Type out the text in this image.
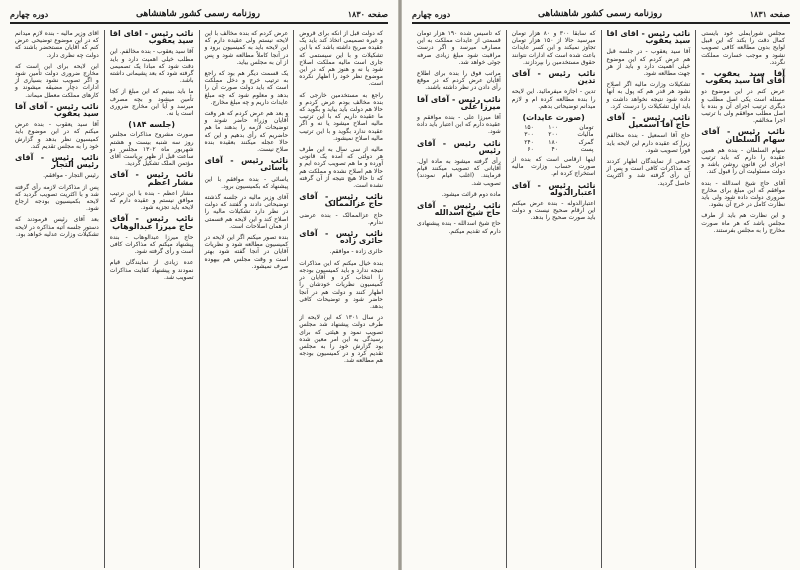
صفحه ۱۸۳۰
روزنامه رسمی کشور شاهنشاهی
دوره چهارم

که دولت قبل از آنکه برای قروض و غیره تصمیمی اتخاذ کند باید یک عقیده صریح داشته باشد که با این تشکیلات و با این سیستمی که جاری است مالیه مملکت اصلاح شود یا نه و هنوز هم که در این موضوع نظر خود را اظهار نکرده است.

راجع به مستخدمین خارجی که بنده مخالف بودم عرض کردم و حالا هم دولت باید بیاید و بگوید که ما عقیده داریم که با این ترتیب مالیه اصلاح میشود یا نه و اگر عقیده ندارد بگوید و با این ترتیب مالیه اصلاح نمیشود.

مالیه از سی سال به این طرف هر دولتی که آمده یک قانونی آورده و ما هم تصویب کرده ایم و حالا هم اصلاح نشده و مملکت هم که تا حالا هیچ نتیجه از آن گرفته نشده است.

نائب رئیس - آقای حاج عزالممالک

حاج عزالممالک - بنده عرضی ندارم.

نائب رئیس - آقای حائری زاده

حائری زاده - موافقم.

بنده خیال میکنم که این مذاکرات نتیجه ندارد و باید کمیسیون بودجه را انتخاب کرد و آقایان در کمیسیون نظریات خودشان را اظهار کنند و دولت هم در آنجا حاضر شود و توضیحات کافی بدهد.

در سال ۱۳۰۱ که این لایحه از طرف دولت پیشنهاد شد مجلس تصویب نمود و هیئتی که برای رسیدگی به این امر معین شده بود گزارش خود را به مجلس تقدیم کرد و در کمیسیون بودجه هم مطالعه شد.

عرض کردم که بنده مخالف با این لایحه نیستم ولی عقیده دارم که این لایحه باید به کمیسیون برود و در آنجا کاملاً مطالعه شود و پس از آن به مجلس بیاید.

یک قسمت دیگر هم بود که راجع به ترتیب خرج و دخل مملکت است که باید دولت صورت آن را بدهد و معلوم شود که چه مبلغ عایدات داریم و چه مبلغ مخارج.

و بعد هم عرض کردم که هر وقت آقایان وزراء حاضر شوند و توضیحات لازمه را بدهند ما هم حاضریم که رأی بدهیم و این که حالا عجله میکنند بعقیده بنده صلاح نیست.

نائب رئیس - آقای یاسائی

یاسائی - بنده موافقم با این پیشنهاد که بکمیسیون برود.

آقای وزیر مالیه در جلسه گذشته توضیحاتی دادند و گفتند که دولت در نظر دارد تشکیلات مالیه را اصلاح کند و این لایحه هم قسمتی از همان اصلاحات است.

بنده تصور میکنم اگر این لایحه در کمیسیون مطالعه شود و نظریات آقایان در آنجا گفته شود بهتر است و وقت مجلس هم بیهوده صرف نمیشود.

نائب رئیس - آقای آقا سید یعقوب

آقا سید یعقوب - بنده مخالفم. این مطلب خیلی اهمیت دارد و باید دقت شود که مبادا یک تصمیمی گرفته شود که بعد پشیمانی داشته باشد.

ما باید ببینیم که این مبلغ از کجا تأمین میشود و بچه مصرف میرسد و آیا این مخارج ضروری است یا نه.

(جلسه ۱۸۴)

صورت مشروح مذاکرات مجلس روز سه شنبه بیست و هشتم شهریور ماه ۱۳۰۲ مجلس دو ساعت قبل از ظهر بریاست آقای مؤتمن الملک تشکیل گردید.

نائب رئیس - آقای مشار اعظم

مشار اعظم - بنده با این ترتیب موافق نیستم و عقیده دارم که لایحه باید تجزیه شود.

نائب رئیس - آقای حاج میرزا عبدالوهاب

حاج میرزا عبدالوهاب - بنده پیشنهاد میکنم که مذاکرات کافی است و رأی گرفته شود.

عده زیادی از نمایندگان قیام نمودند و پیشنهاد کفایت مذاکرات تصویب شد.

آقای وزیر مالیه - بنده لازم میدانم که در این موضوع توضیحی عرض کنم که آقایان مستحضر باشند که دولت چه نظری دارد.

این لایحه برای این است که مخارج ضروری دولت تأمین شود و اگر تصویب نشود بسیاری از ادارات دچار مضیقه میشوند و کارهای مملکت معطل میماند.

نائب رئیس - آقای آقا سید یعقوب

آقا سید یعقوب - بنده عرض میکنم که در این موضوع باید کمیسیون نظر بدهد و گزارش خود را به مجلس تقدیم کند.

نائب رئیس - آقای رئیس التجار

رئیس التجار - موافقم.

پس از مذاکرات لازمه رأی گرفته شد و با اکثریت تصویب گردید که لایحه بکمیسیون بودجه ارجاع شود.

بعد آقای رئیس فرمودند که دستور جلسه آتیه مذاکره در لایحه تشکیلات وزارت عدلیه خواهد بود.

صفحه ۱۸۳۱
روزنامه رسمی کشور شاهنشاهی
دوره چهارم

مجلس شورایملی خود بایستی کمال دقت را بکند که این قبیل لوایح بدون مطالعه کافی تصویب نشود و موجب خسارت مملکت نگردد.

آقا سید یعقوب - آقای آقا سید یعقوب

عرض کنم در این موضوع دو مسئله است یکی اصل مطلب و دیگری ترتیب اجرای آن و بنده با اصل مطلب موافقم ولی با ترتیب اجرا مخالفم.

نائب رئیس - آقای سهام السلطان

سهام السلطان - بنده هم همین عقیده را دارم که باید ترتیب اجرای این قانون روشن باشد و دولت مسئولیت آن را قبول کند.

آقای حاج شیخ اسدالله - بنده موافقم که این مبلغ برای مخارج ضروری دولت داده شود ولی باید نظارت کامل در خرج آن بشود.

و این نظارت هم باید از طرف مجلس باشد که هر ماه صورت مخارج را به مجلس بفرستند.

نائب رئیس - آقای آقا سید یعقوب

آقا سید یعقوب - در جلسه قبل هم عرض کردم که این موضوع خیلی اهمیت دارد و باید از هر جهت مطالعه شود.

تشکیلات وزارت مالیه اگر اصلاح نشود هر قدر هم که پول به آنها داده شود نتیجه نخواهد داشت و باید اول تشکیلات را درست کرد.

نائب رئیس - آقای حاج آقا اسمعیل

حاج آقا اسمعیل - بنده مخالفم زیرا که عقیده دارم این لایحه باید فوراً تصویب شود.

جمعی از نمایندگان اظهار کردند که مذاکرات کافی است و پس از آن رأی گرفته شد و اکثریت حاصل گردید.

که سابقاً ۳۰۰ و ۸۰ هزار تومان میرسید حالا از ۱۵۰ هزار تومان تجاوز نمیکند و این کسر عایدات باعث شده است که ادارات نتوانند حقوق مستخدمین را بپردازند.

نائب رئیس - آقای تدین

تدین - اجازه میفرمائید. این لایحه را بنده مطالعه کرده ام و لازم میدانم توضیحاتی بدهم.

(صورت عایدات)
تومان	۱۰۰	۱۵۰
مالیات	۲۰۰	۳۰۰
گمرک	۱۸۰	۲۴۰
پست	۴۰	۶۰

اینها ارقامی است که بنده از صورت حساب وزارت مالیه استخراج کرده ام.

نائب رئیس - آقای اعتبارالدوله

اعتبارالدوله - بنده عرض میکنم این ارقام صحیح نیست و دولت باید صورت صحیح را بدهد.

که تأسیس شده ۱۹۰ هزار تومان قسمتی از عایدات مملکت به این مصارف میرسد و اگر درست مراقبت شود مبلغ زیادی صرفه جوئی خواهد شد.

مراتب فوق را بنده برای اطلاع آقایان عرض کردم که در موقع رأی دادن در نظر داشته باشند.

نائب رئیس - آقای آقا میرزا علی

آقا میرزا علی - بنده موافقم و عقیده دارم که این اعتبار باید داده شود.

نائب رئیس - آقای رئیس

رأی گرفته میشود به ماده اول. آقایانی که تصویب میکنند قیام فرمایند. (اغلب قیام نمودند) تصویب شد.

ماده دوم قرائت میشود.

نائب رئیس - آقای حاج شیخ اسدالله

حاج شیخ اسدالله - بنده پیشنهادی دارم که تقدیم میکنم.
